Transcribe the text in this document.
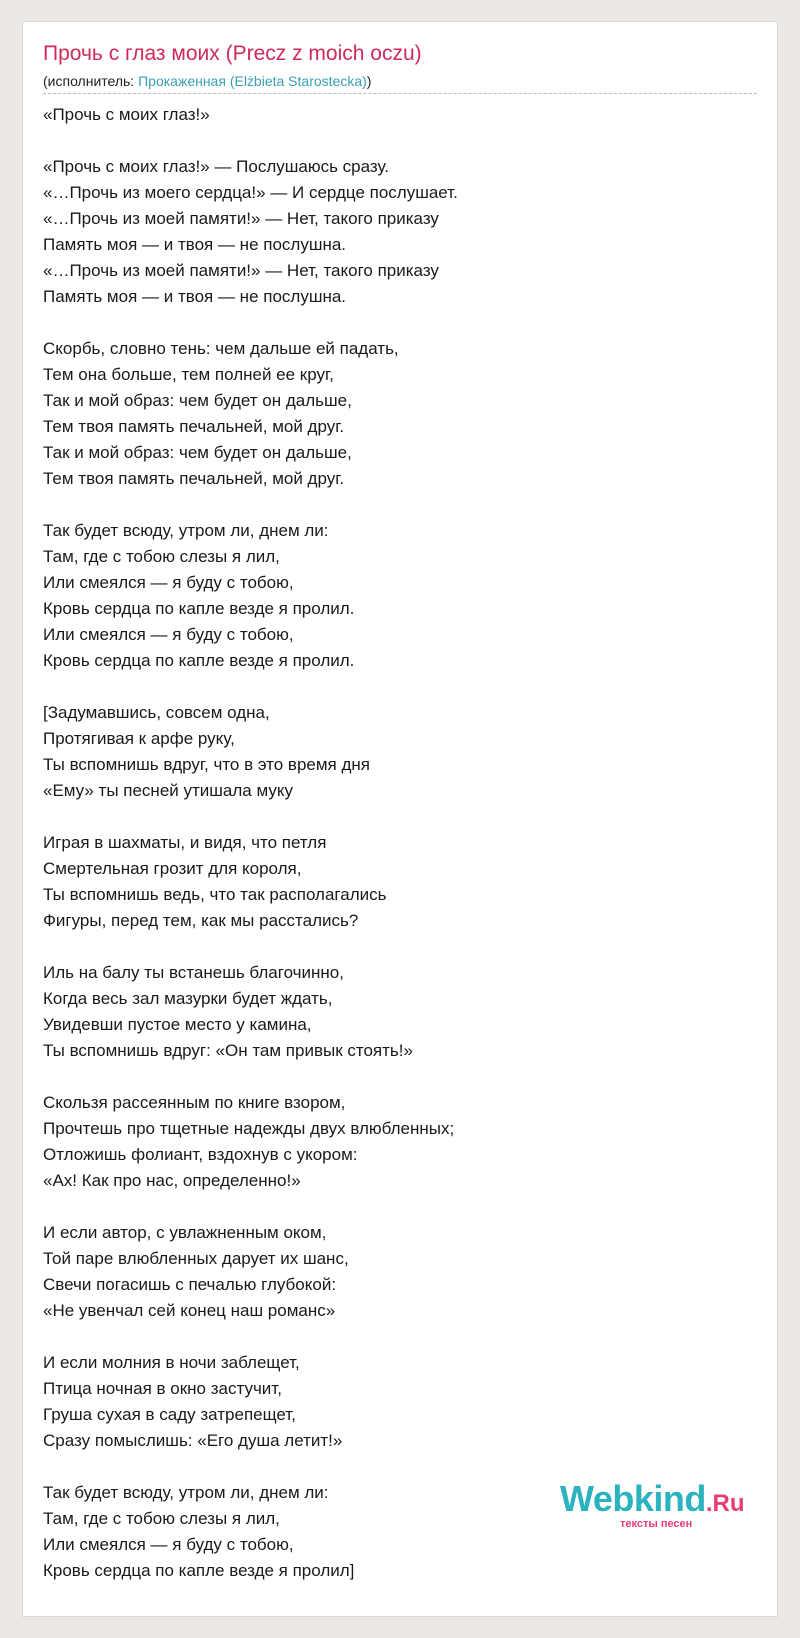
Прочь с глаз моих (Precz z moich oczu)
(исполнитель: Прокаженная (Elżbieta Starostecka))
«Прочь с моих глаз!»
«Прочь с моих глаз!» — Послушаюсь сразу.
«…Прочь из моего сердца!» — И сердце послушает.
«…Прочь из моей памяти!» — Нет, такого приказу
Память моя — и твоя — не послушна.
«…Прочь из моей памяти!» — Нет, такого приказу
Память моя — и твоя — не послушна.
Скорбь, словно тень: чем дальше ей падать,
Тем она больше, тем полней ее круг,
Так и мой образ: чем будет он дальше,
Тем твоя память печальней, мой друг.
Так и мой образ: чем будет он дальше,
Тем твоя память печальней, мой друг.
Так будет всюду, утром ли, днем ли:
Там, где с тобою слезы я лил,
Или смеялся — я буду с тобою,
Кровь сердца по капле везде я пролил.
Или смеялся — я буду с тобою,
Кровь сердца по капле везде я пролил.
[Задумавшись, совсем одна,
Протягивая к арфе руку,
Ты вспомнишь вдруг, что в это время дня
«Ему» ты песней утишала муку
Играя в шахматы, и видя, что петля
Смертельная грозит для короля,
Ты вспомнишь ведь, что так располагались
Фигуры, перед тем, как мы расстались?
Иль на балу ты встанешь благочинно,
Когда весь зал мазурки будет ждать,
Увидевши пустое место у камина,
Ты вспомнишь вдруг: «Он там привык стоять!»
Скользя рассеянным по книге взором,
Прочтешь про тщетные надежды двух влюбленных;
Отложишь фолиант, вздохнув с укором:
«Ах! Как про нас, определенно!»
И если автор, с увлажненным оком,
Той паре влюбленных дарует их шанс,
Свечи погасишь с печалью глубокой:
«Не увенчал сей конец наш романс»
И если молния в ночи заблещет,
Птица ночная в окно застучит,
Груша сухая в саду затрепещет,
Сразу помыслишь: «Его душа летит!»
Так будет всюду, утром ли, днем ли:
Там, где с тобою слезы я лил,
Или смеялся — я буду с тобою,
Кровь сердца по капле везде я пролил]
Webkind.Ru
тексты песен
